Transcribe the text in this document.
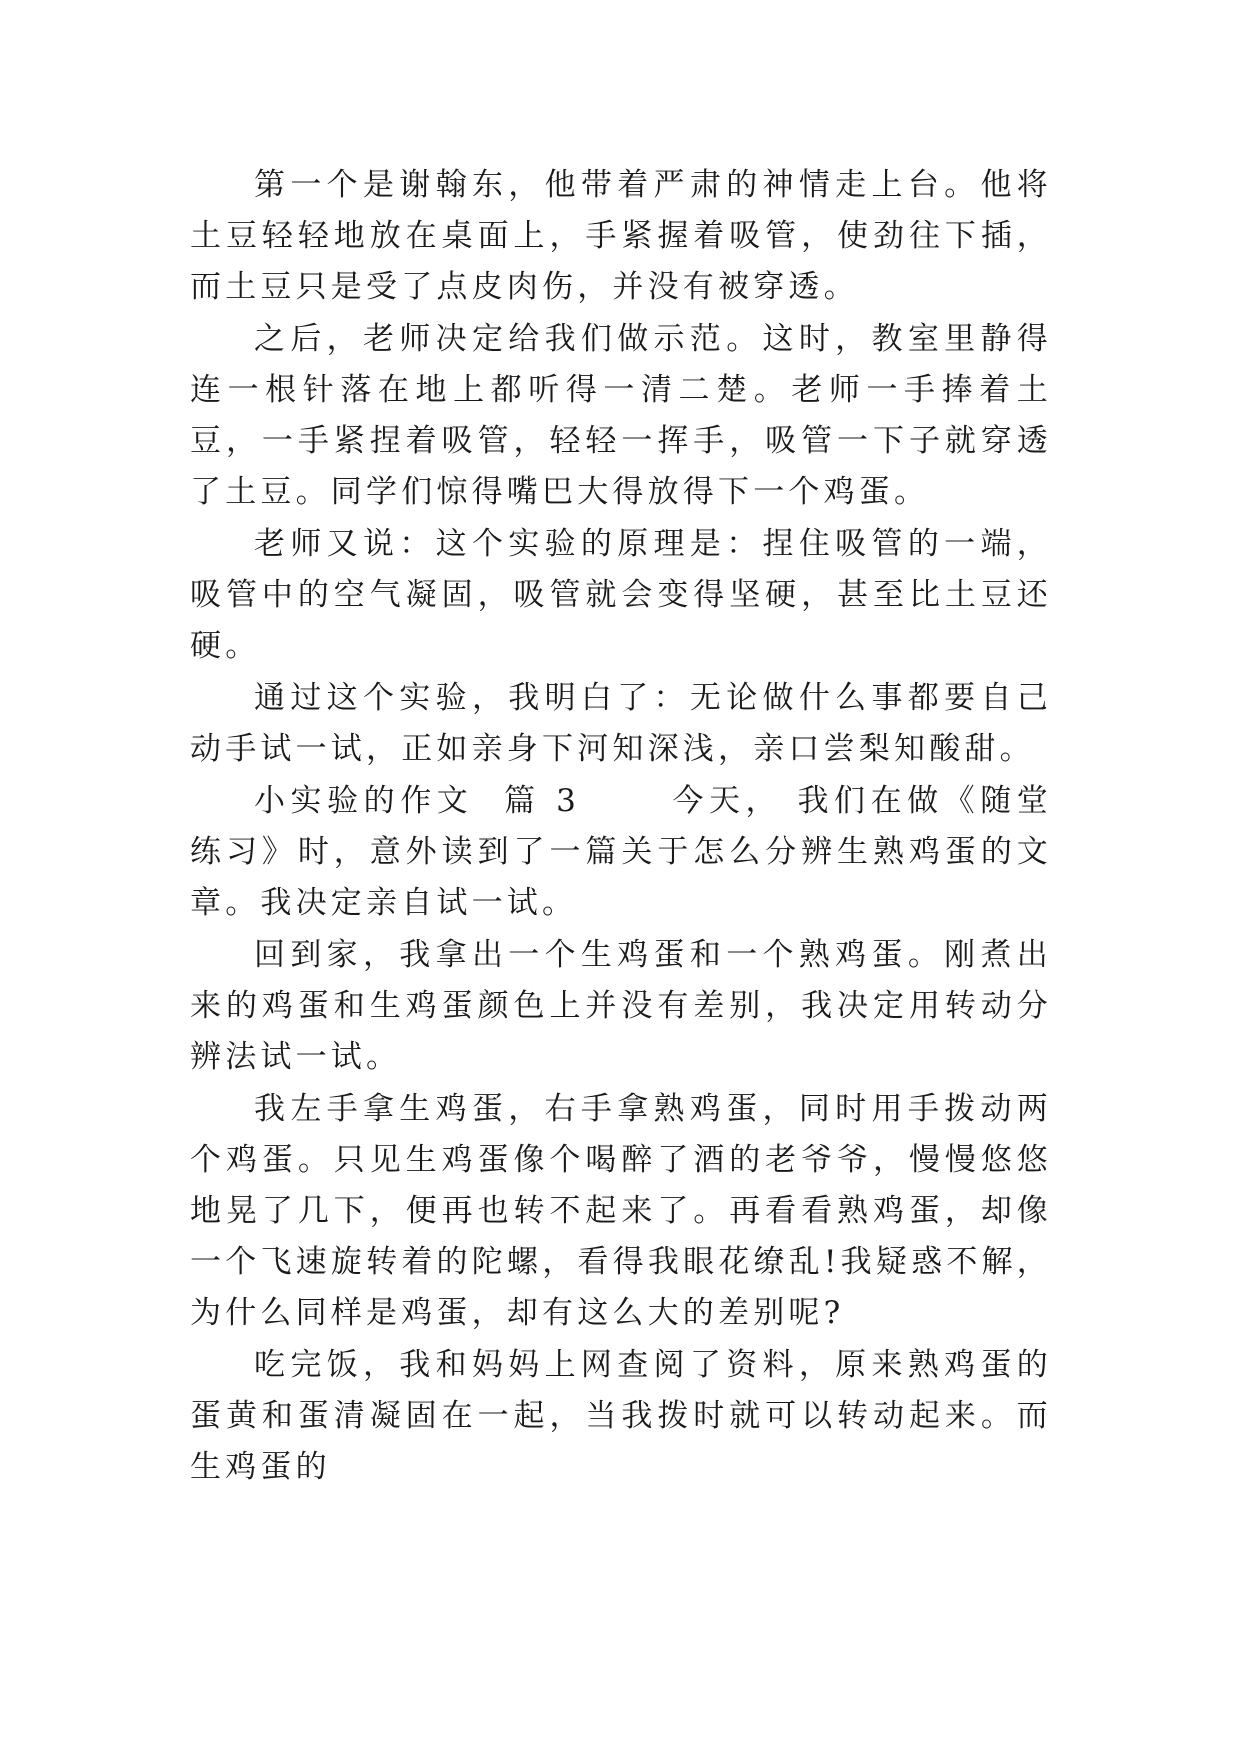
第一个是谢翰东，他带着严肃的神情走上台。他将土豆轻轻地放在桌面上，手紧握着吸管，使劲往下插，而土豆只是受了点皮肉伤，并没有被穿透。

之后，老师决定给我们做示范。这时，教室里静得连一根针落在地上都听得一清二楚。老师一手捧着土豆，一手紧捏着吸管，轻轻一挥手，吸管一下子就穿透了土豆。同学们惊得嘴巴大得放得下一个鸡蛋。

老师又说：这个实验的原理是：捏住吸管的一端，吸管中的空气凝固，吸管就会变得坚硬，甚至比土豆还硬。

通过这个实验，我明白了：无论做什么事都要自己动手试一试，正如亲身下河知深浅，亲口尝梨知酸甜。

小实验的作文  篇 3      今天， 我们在做《随堂练习》时，意外读到了一篇关于怎么分辨生熟鸡蛋的文章。我决定亲自试一试。

回到家，我拿出一个生鸡蛋和一个熟鸡蛋。刚煮出来的鸡蛋和生鸡蛋颜色上并没有差别，我决定用转动分辨法试一试。

我左手拿生鸡蛋，右手拿熟鸡蛋，同时用手拨动两个鸡蛋。只见生鸡蛋像个喝醉了酒的老爷爷，慢慢悠悠地晃了几下，便再也转不起来了。再看看熟鸡蛋，却像一个飞速旋转着的陀螺，看得我眼花缭乱!我疑惑不解，为什么同样是鸡蛋，却有这么大的差别呢?

吃完饭，我和妈妈上网查阅了资料，原来熟鸡蛋的蛋黄和蛋清凝固在一起，当我拨时就可以转动起来。而生鸡蛋的
